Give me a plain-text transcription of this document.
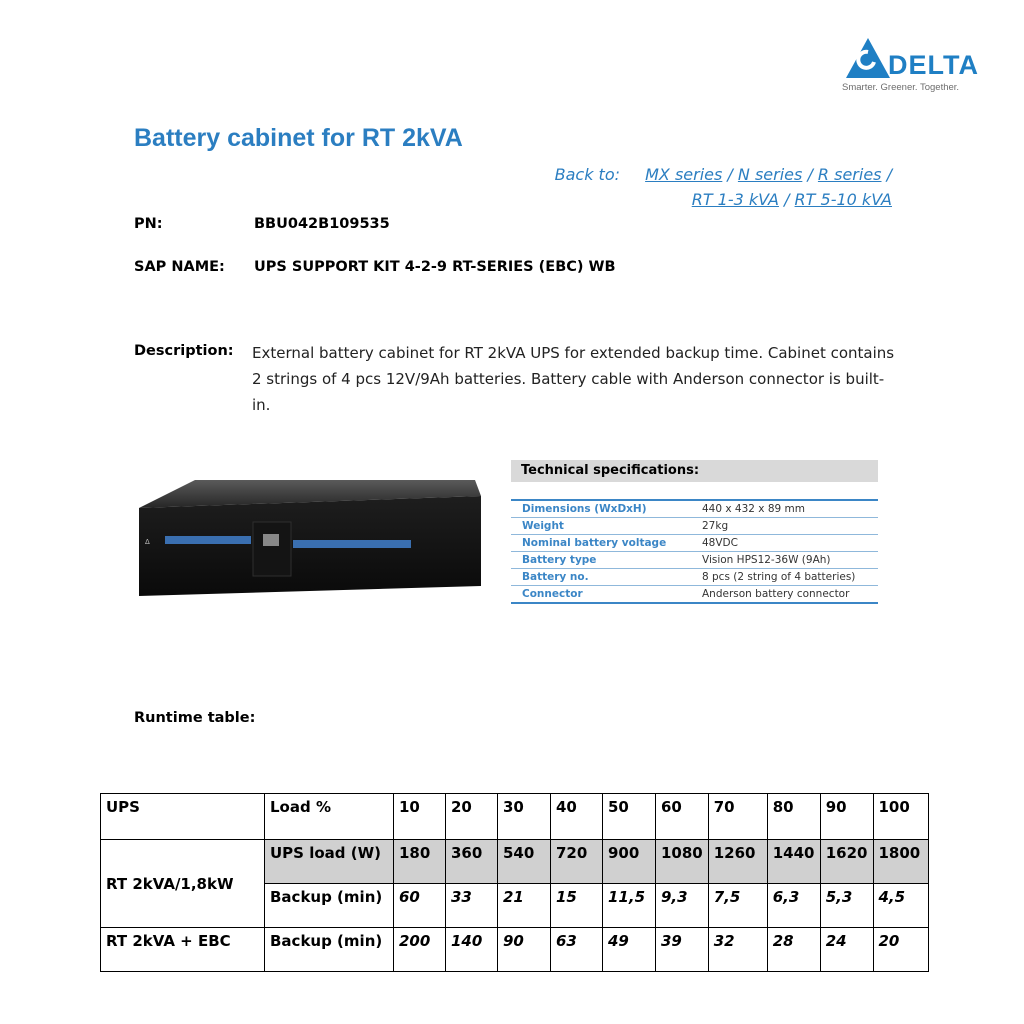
DELTA
Smarter. Greener. Together.
Battery cabinet for RT 2kVA
Back to: MX series / N series / R series /
RT 1-3 kVA / RT 5-10 kVA
PN:	BBU042B109535
SAP NAME: UPS SUPPORT KIT 4-2-9 RT-SERIES (EBC) WB
Description: External battery cabinet for RT 2kVA UPS for extended backup time. Cabinet contains 2 strings of 4 pcs 12V/9Ah batteries. Battery cable with Anderson connector is built-in.
Δ
Technical specifications:
Dimensions (WxDxH)	440 x 432 x 89 mm
Weight	27kg
Nominal battery voltage	48VDC
Battery type	Vision HPS12-36W (9Ah)
Battery no.	8 pcs (2 string of 4 batteries)
Connector	Anderson battery connector
Runtime table:
UPS	Load %	10	20	30	40	50	60	70	80	90	100
RT 2kVA/1,8kW	UPS load (W)	180	360	540	720	900	1080	1260	1440	1620	1800
	Backup (min)	60	33	21	15	11,5	9,3	7,5	6,3	5,3	4,5
RT 2kVA + EBC	Backup (min)	200	140	90	63	49	39	32	28	24	20
